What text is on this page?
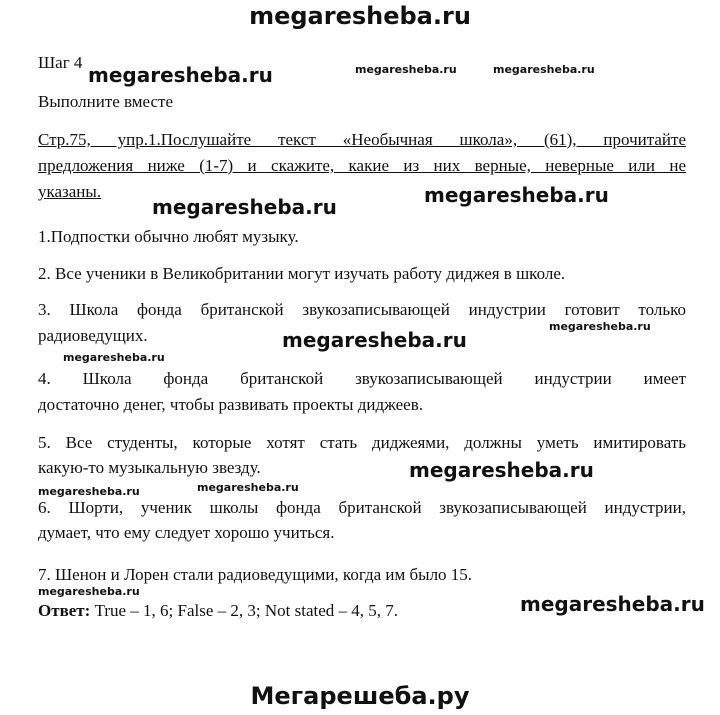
megaresheba.ru
Шаг 4
megaresheba.ru	megaresheba.ru	megaresheba.ru
Выполните вместе
Стр.75, упр.1.Послушайте текст «Необычная школа», (61), прочитайте
предложения ниже (1-7) и скажите, какие из них верные, неверные или не
указаны.
megaresheba.ru	megaresheba.ru
1.Подпостки обычно любят музыку.
2. Все ученики в Великобритании могут изучать работу диджея в школе.
3. Школа фонда британской звукозаписывающей индустрии готовит только
радиоведущих.	megaresheba.ru
megaresheba.ru
megaresheba.ru
4. Школа фонда британской звукозаписывающей индустрии имеет
достаточно денег, чтобы развивать проекты диджеев.
5. Все студенты, которые хотят стать диджеями, должны уметь имитировать
какую-то музыкальную звезду.	megaresheba.ru
megaresheba.ru
megaresheba.ru
6. Шорти, ученик школы фонда британской звукозаписывающей индустрии,
думает, что ему следует хорошо учиться.
7. Шенон и Лорен стали радиоведущими, когда им было 15.
megaresheba.ru
Ответ: True – 1, 6; False – 2, 3; Not stated – 4, 5, 7.	megaresheba.ru
Мегарешеба.ру
